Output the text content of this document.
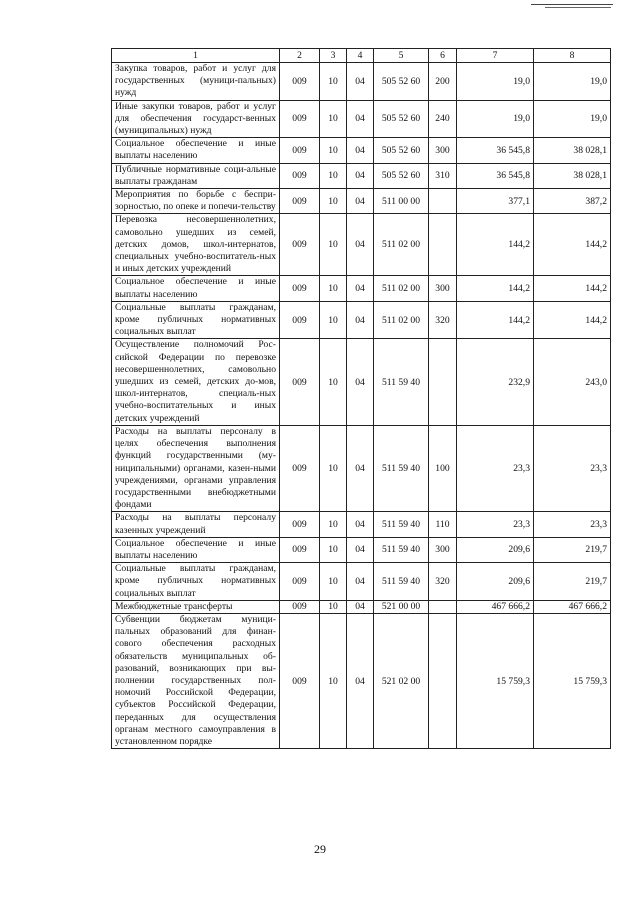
1	2	3	4	5	6	7	8
Закупка товаров, работ и услуг для государственных (муници-пальных) нужд	009	10	04	505 52 60	200	19,0	19,0
Иные закупки товаров, работ и услуг для обеспечения государст-венных (муниципальных) нужд	009	10	04	505 52 60	240	19,0	19,0
Социальное обеспечение и иные выплаты населению	009	10	04	505 52 60	300	36 545,8	38 028,1
Публичные нормативные соци-альные выплаты гражданам	009	10	04	505 52 60	310	36 545,8	38 028,1
Мероприятия по борьбе с беспри-зорностью, по опеке и попечи-тельству	009	10	04	511 00 00		377,1	387,2
Перевозка несовершеннолетних, самовольно ушедших из семей, детских домов, школ-интернатов, специальных учебно-воспитатель-ных и иных детских учреждений	009	10	04	511 02 00		144,2	144,2
Социальное обеспечение и иные выплаты населению	009	10	04	511 02 00	300	144,2	144,2
Социальные выплаты гражданам, кроме публичных нормативных социальных выплат	009	10	04	511 02 00	320	144,2	144,2
Осуществление полномочий Рос-сийской Федерации по перевозке несовершеннолетних, самовольно ушедших из семей, детских до-мов, школ-интернатов, специаль-ных учебно-воспитательных и иных детских учреждений	009	10	04	511 59 40		232,9	243,0
Расходы на выплаты персоналу в целях обеспечения выполнения функций государственными (му-ниципальными) органами, казен-ными учреждениями, органами управления государственными внебюджетными фондами	009	10	04	511 59 40	100	23,3	23,3
Расходы на выплаты персоналу казенных учреждений	009	10	04	511 59 40	110	23,3	23,3
Социальное обеспечение и иные выплаты населению	009	10	04	511 59 40	300	209,6	219,7
Социальные выплаты гражданам, кроме публичных нормативных социальных выплат	009	10	04	511 59 40	320	209,6	219,7
Межбюджетные трансферты	009	10	04	521 00 00		467 666,2	467 666,2
Субвенции бюджетам муници-пальных образований для финан-сового обеспечения расходных обязательств муниципальных об-разований, возникающих при вы-полнении государственных пол-номочий Российской Федерации, субъектов Российской Федерации, переданных для осуществления органам местного самоуправления в установленном порядке	009	10	04	521 02 00		15 759,3	15 759,3
29
